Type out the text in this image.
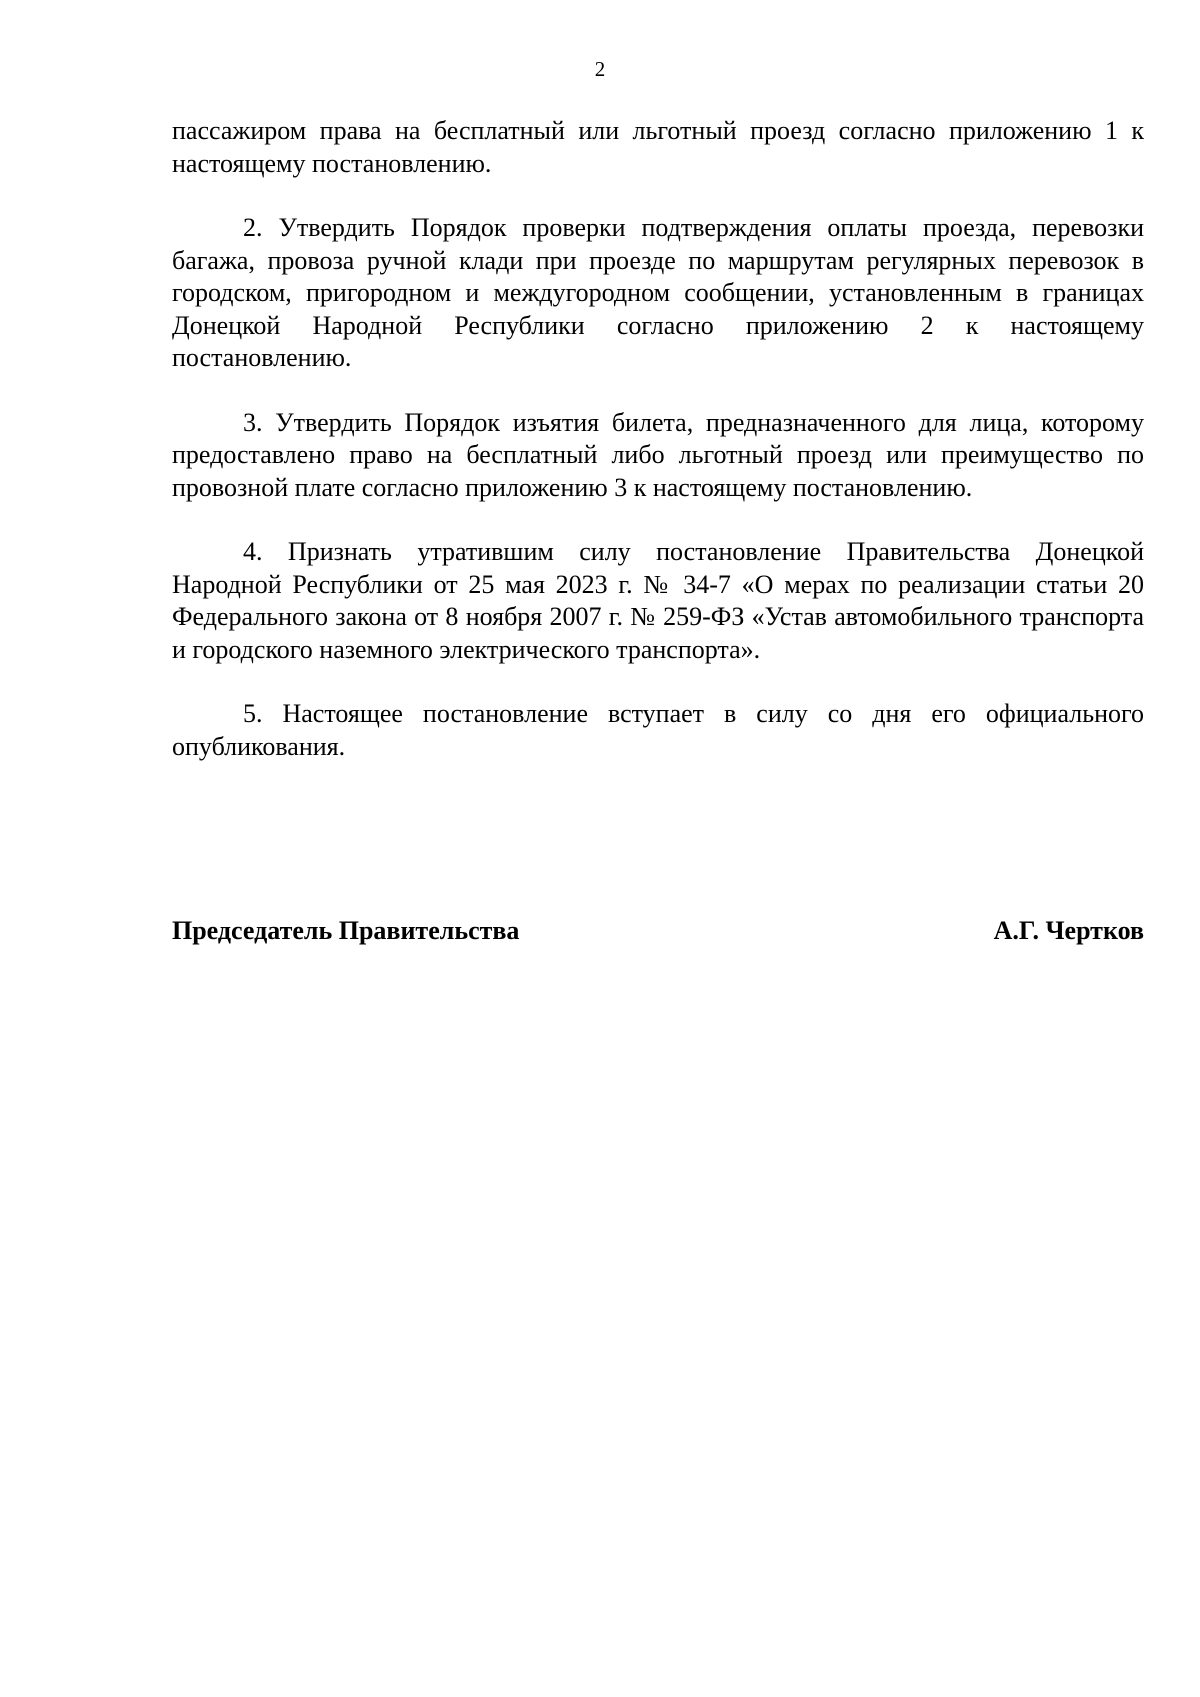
2

пассажиром права на бесплатный или льготный проезд согласно приложению 1 к настоящему постановлению.

2. Утвердить Порядок проверки подтверждения оплаты проезда, перевозки багажа, провоза ручной клади при проезде по маршрутам регулярных перевозок в городском, пригородном и междугородном сообщении, установленным в границах Донецкой Народной Республики согласно приложению 2 к настоящему постановлению.

3. Утвердить Порядок изъятия билета, предназначенного для лица, которому предоставлено право на бесплатный либо льготный проезд или преимущество по провозной плате согласно приложению 3 к настоящему постановлению.

4. Признать утратившим силу постановление Правительства Донецкой Народной Республики от 25 мая 2023 г. № 34-7 «О мерах по реализации статьи 20 Федерального закона от 8 ноября 2007 г. № 259-ФЗ «Устав автомобильного транспорта и городского наземного электрического транспорта».

5. Настоящее постановление вступает в силу со дня его официального опубликования.

Председатель Правительства	А.Г. Чертков
